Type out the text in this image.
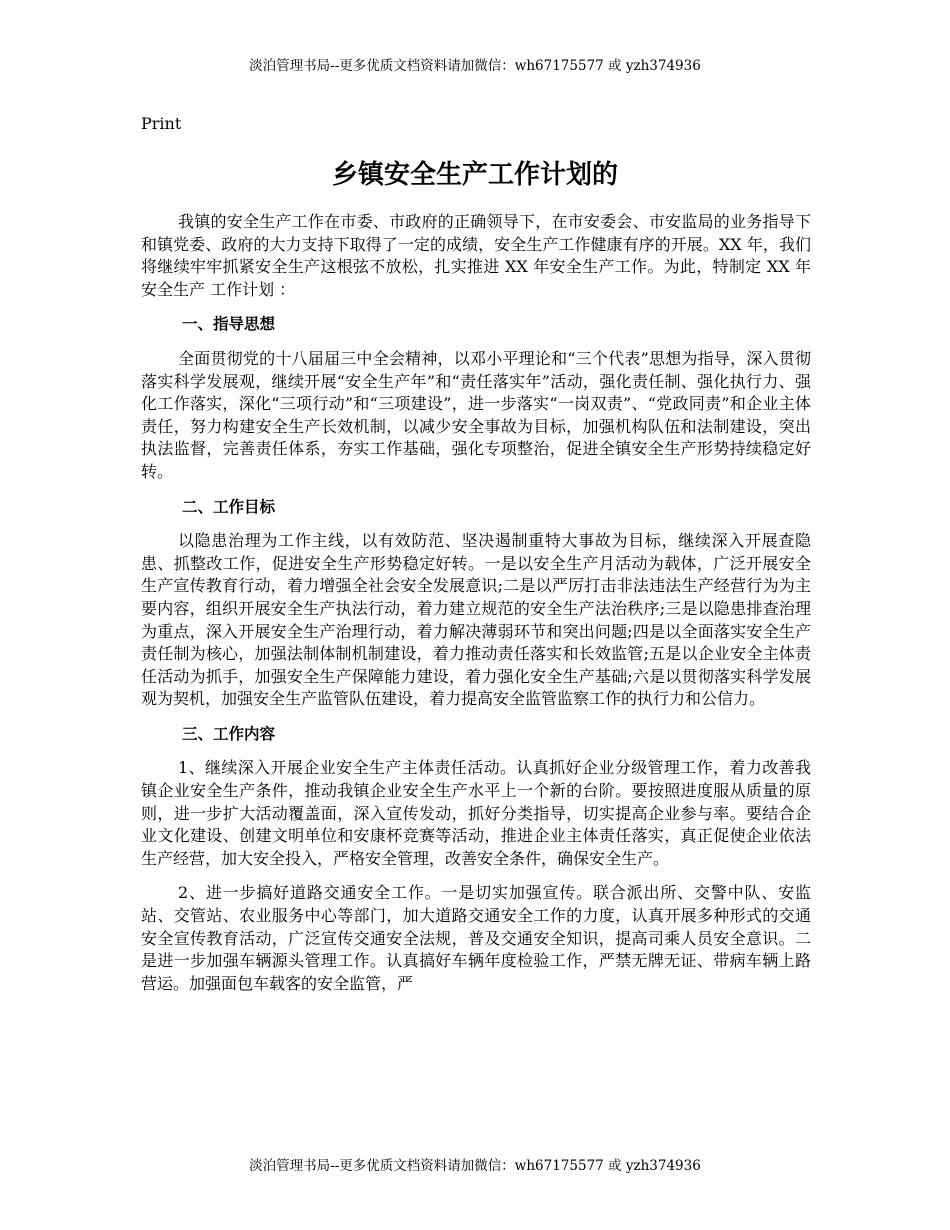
淡泊管理书局--更多优质文档资料请加微信：wh67175577 或 yzh374936
Print
乡镇安全生产工作计划的

我镇的安全生产工作在市委、市政府的正确领导下，在市安委会、市安监局的业务指导下和镇党委、政府的大力支持下取得了一定的成绩，安全生产工作健康有序的开展。XX 年，我们将继续牢牢抓紧安全生产这根弦不放松，扎实推进 XX 年安全生产工作。为此，特制定 XX 年安全生产 工作计划 ：

一、指导思想

全面贯彻党的十八届届三中全会精神，以邓小平理论和“三个代表”思想为指导，深入贯彻落实科学发展观，继续开展“安全生产年”和“责任落实年”活动，强化责任制、强化执行力、强化工作落实，深化“三项行动”和“三项建设”，进一步落实“一岗双责”、“党政同责”和企业主体责任，努力构建安全生产长效机制，以减少安全事故为目标，加强机构队伍和法制建设，突出执法监督，完善责任体系，夯实工作基础，强化专项整治，促进全镇安全生产形势持续稳定好转。

二、工作目标

以隐患治理为工作主线，以有效防范、坚决遏制重特大事故为目标，继续深入开展查隐患、抓整改工作，促进安全生产形势稳定好转。一是以安全生产月活动为载体，广泛开展安全生产宣传教育行动，着力增强全社会安全发展意识;二是以严厉打击非法违法生产经营行为为主要内容，组织开展安全生产执法行动，着力建立规范的安全生产法治秩序;三是以隐患排查治理为重点，深入开展安全生产治理行动，着力解决薄弱环节和突出问题;四是以全面落实安全生产责任制为核心，加强法制体制机制建设，着力推动责任落实和长效监管;五是以企业安全主体责任活动为抓手，加强安全生产保障能力建设，着力强化安全生产基础;六是以贯彻落实科学发展观为契机，加强安全生产监管队伍建设，着力提高安全监管监察工作的执行力和公信力。

三、工作内容

1、继续深入开展企业安全生产主体责任活动。认真抓好企业分级管理工作，着力改善我镇企业安全生产条件，推动我镇企业安全生产水平上一个新的台阶。要按照进度服从质量的原则，进一步扩大活动覆盖面，深入宣传发动，抓好分类指导，切实提高企业参与率。要结合企业文化建设、创建文明单位和安康杯竞赛等活动，推进企业主体责任落实，真正促使企业依法生产经营，加大安全投入，严格安全管理，改善安全条件，确保安全生产。

2、进一步搞好道路交通安全工作。一是切实加强宣传。联合派出所、交警中队、安监站、交管站、农业服务中心等部门，加大道路交通安全工作的力度，认真开展多种形式的交通安全宣传教育活动，广泛宣传交通安全法规，普及交通安全知识，提高司乘人员安全意识。二是进一步加强车辆源头管理工作。认真搞好车辆年度检验工作，严禁无牌无证、带病车辆上路营运。加强面包车载客的安全监管，严

淡泊管理书局--更多优质文档资料请加微信：wh67175577 或 yzh374936
